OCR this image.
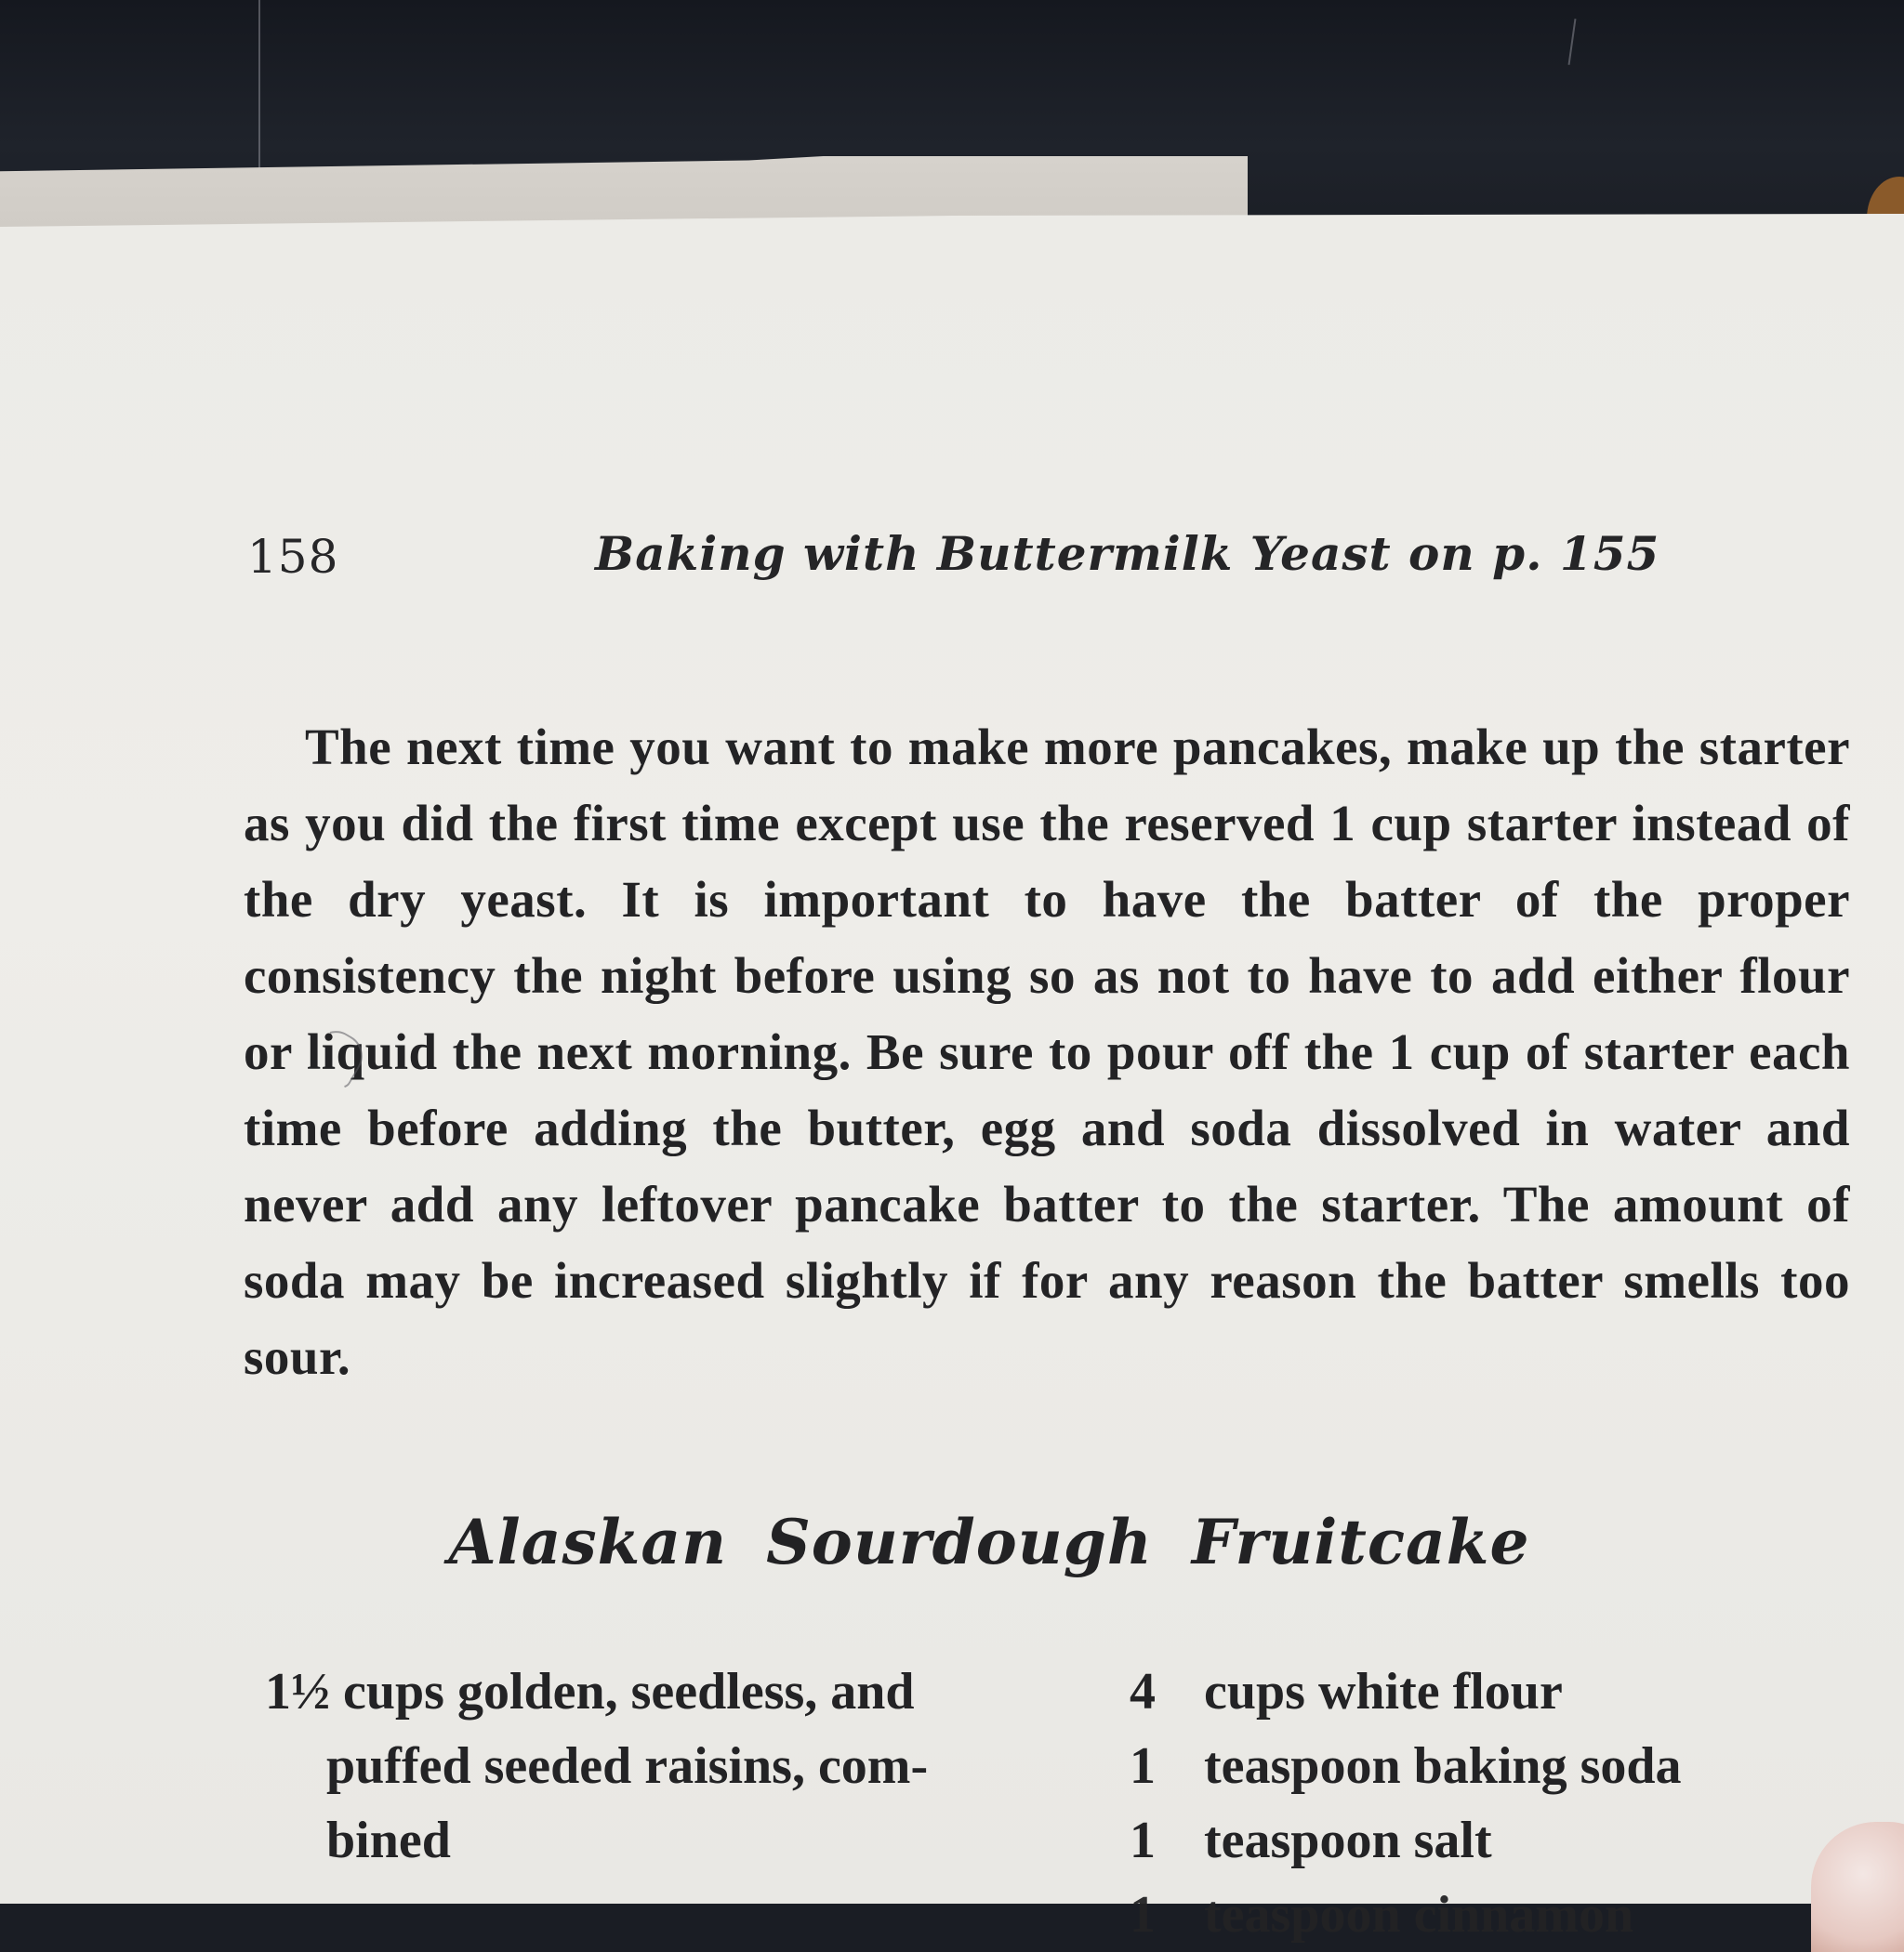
158	Baking with Buttermilk Yeast on p. 155

The next time you want to make more pancakes, make up the starter as you did the first time except use the reserved 1 cup starter instead of the dry yeast. It is important to have the batter of the proper consistency the night before using so as not to have to add either flour or liquid the next morning. Be sure to pour off the 1 cup of starter each time before adding the butter, egg and soda dissolved in water and never add any leftover pancake batter to the starter. The amount of soda may be increased slightly if for any reason the batter smells too sour.

Alaskan Sourdough Fruitcake
1½ cups golden, seedless, and puffed seeded raisins, com-
bined
4 cups white flour
1 teaspoon baking soda
1 teaspoon salt
1 teaspoon cinnamon
